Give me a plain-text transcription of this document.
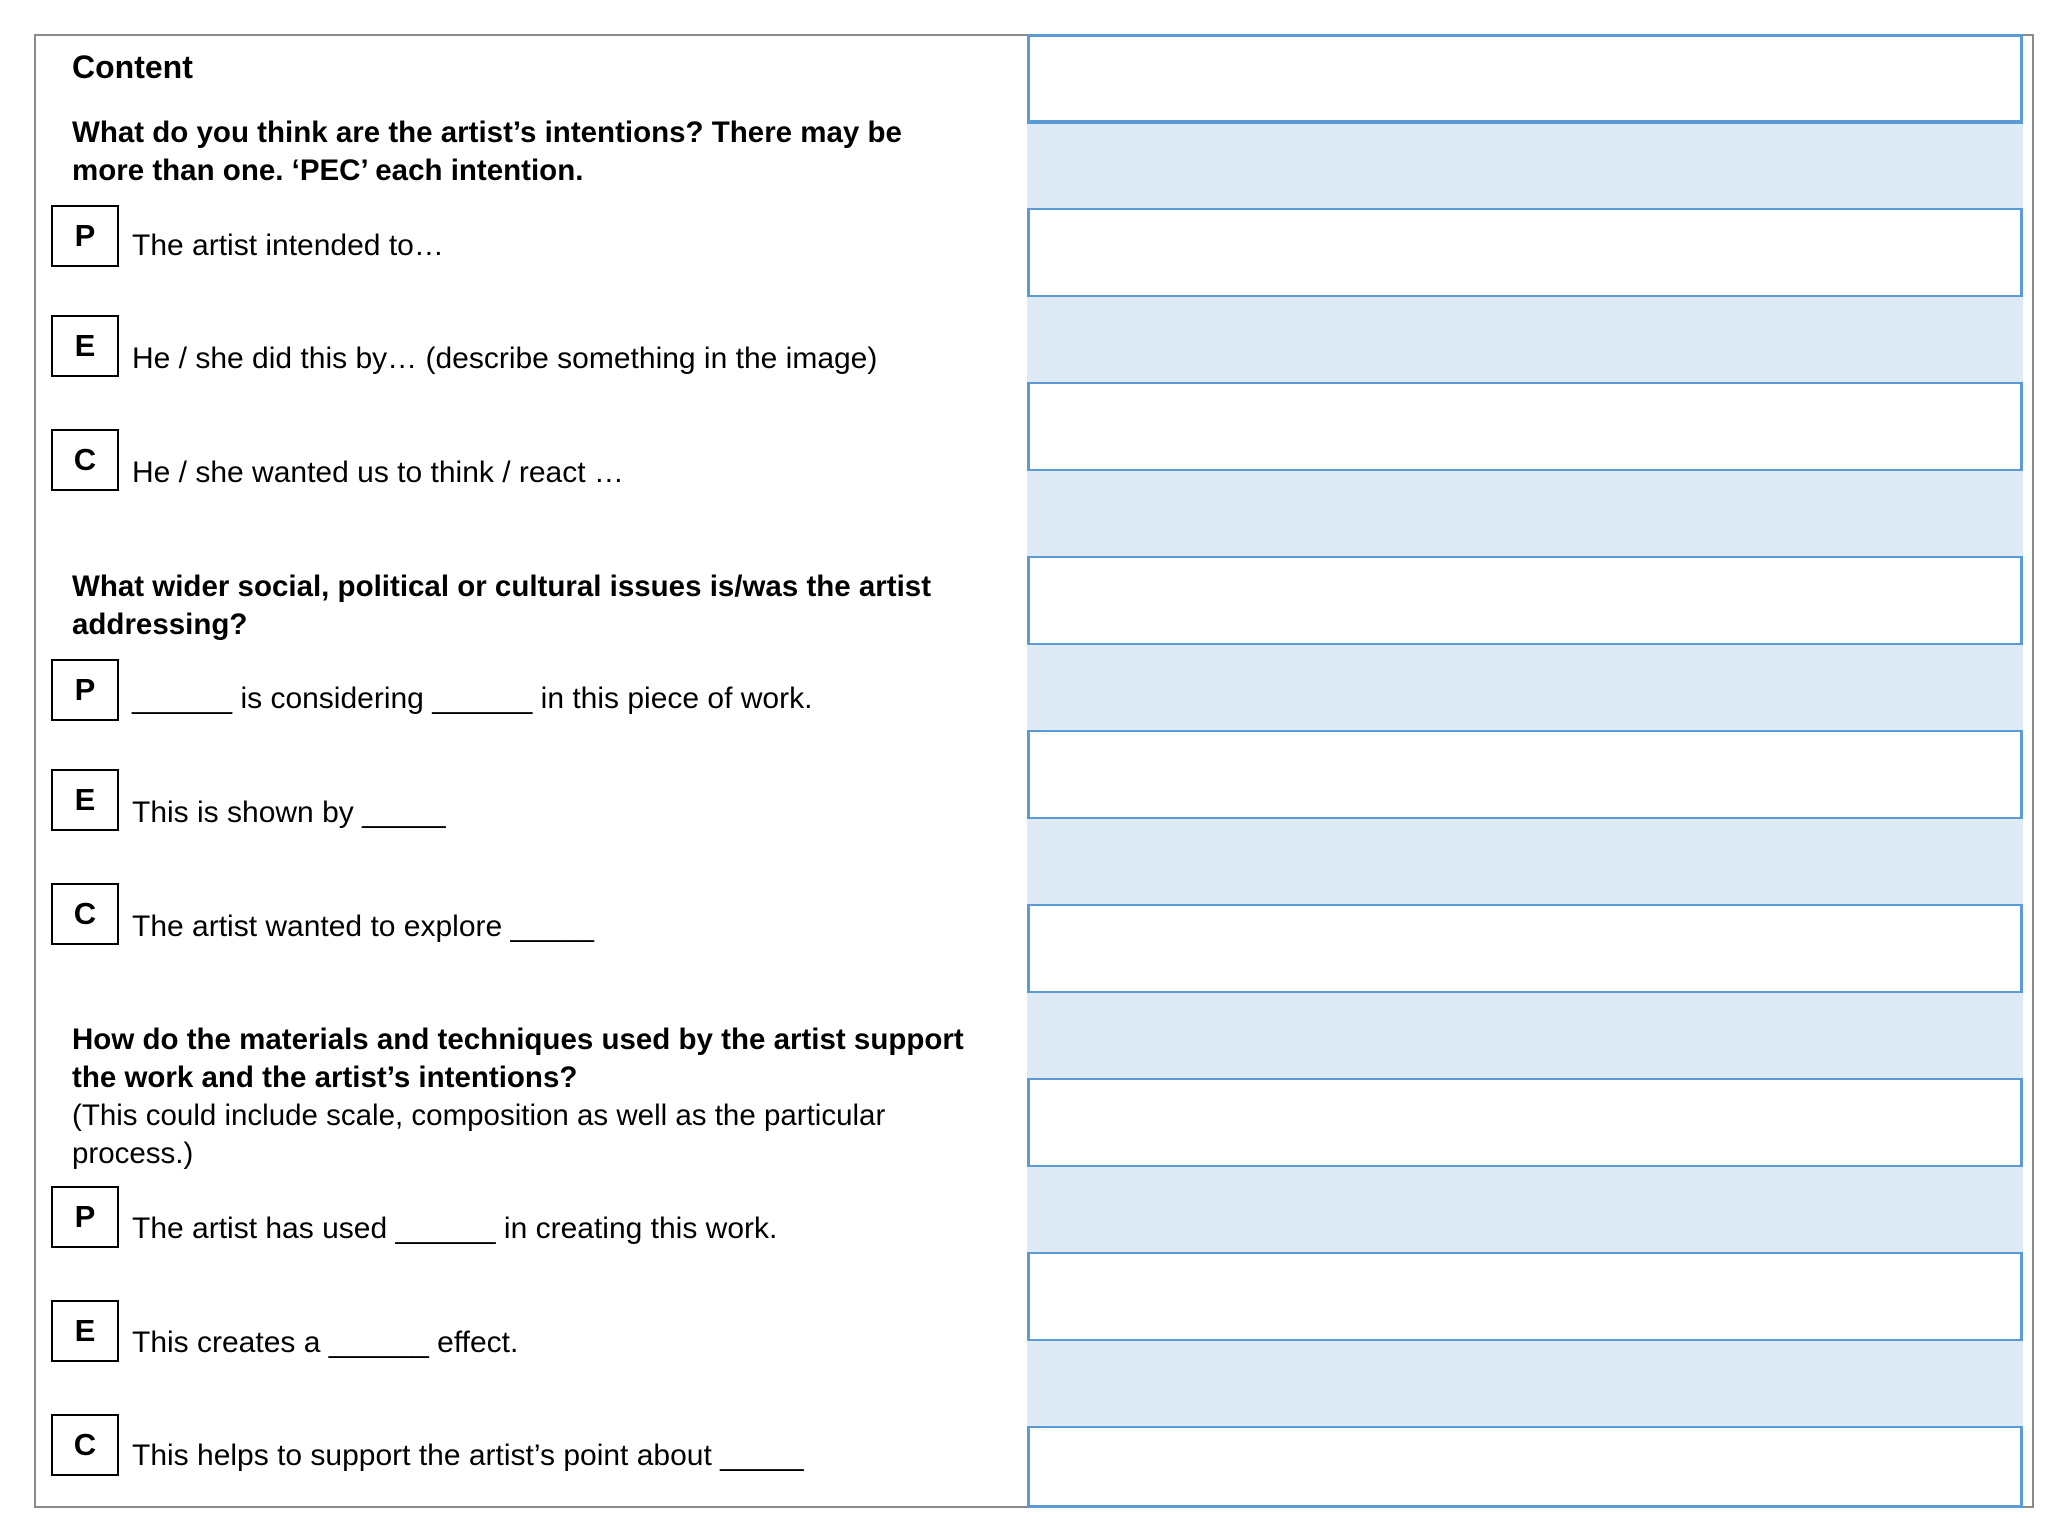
Content
What do you think are the artist’s intentions? There may be
more than one. ‘PEC’ each intention.
P	The artist intended to…
E	He / she did this by… (describe something in the image)
C	He / she wanted us to think / react …
What wider social, political or cultural issues is/was the artist
addressing?
P	______ is considering ______ in this piece of work.
E	This is shown by _____
C	The artist wanted to explore _____
How do the materials and techniques used by the artist support
the work and the artist’s intentions?
(This could include scale, composition as well as the particular
process.)
P	The artist has used ______ in creating this work.
E	This creates a ______ effect.
C	This helps to support the artist’s point about _____
